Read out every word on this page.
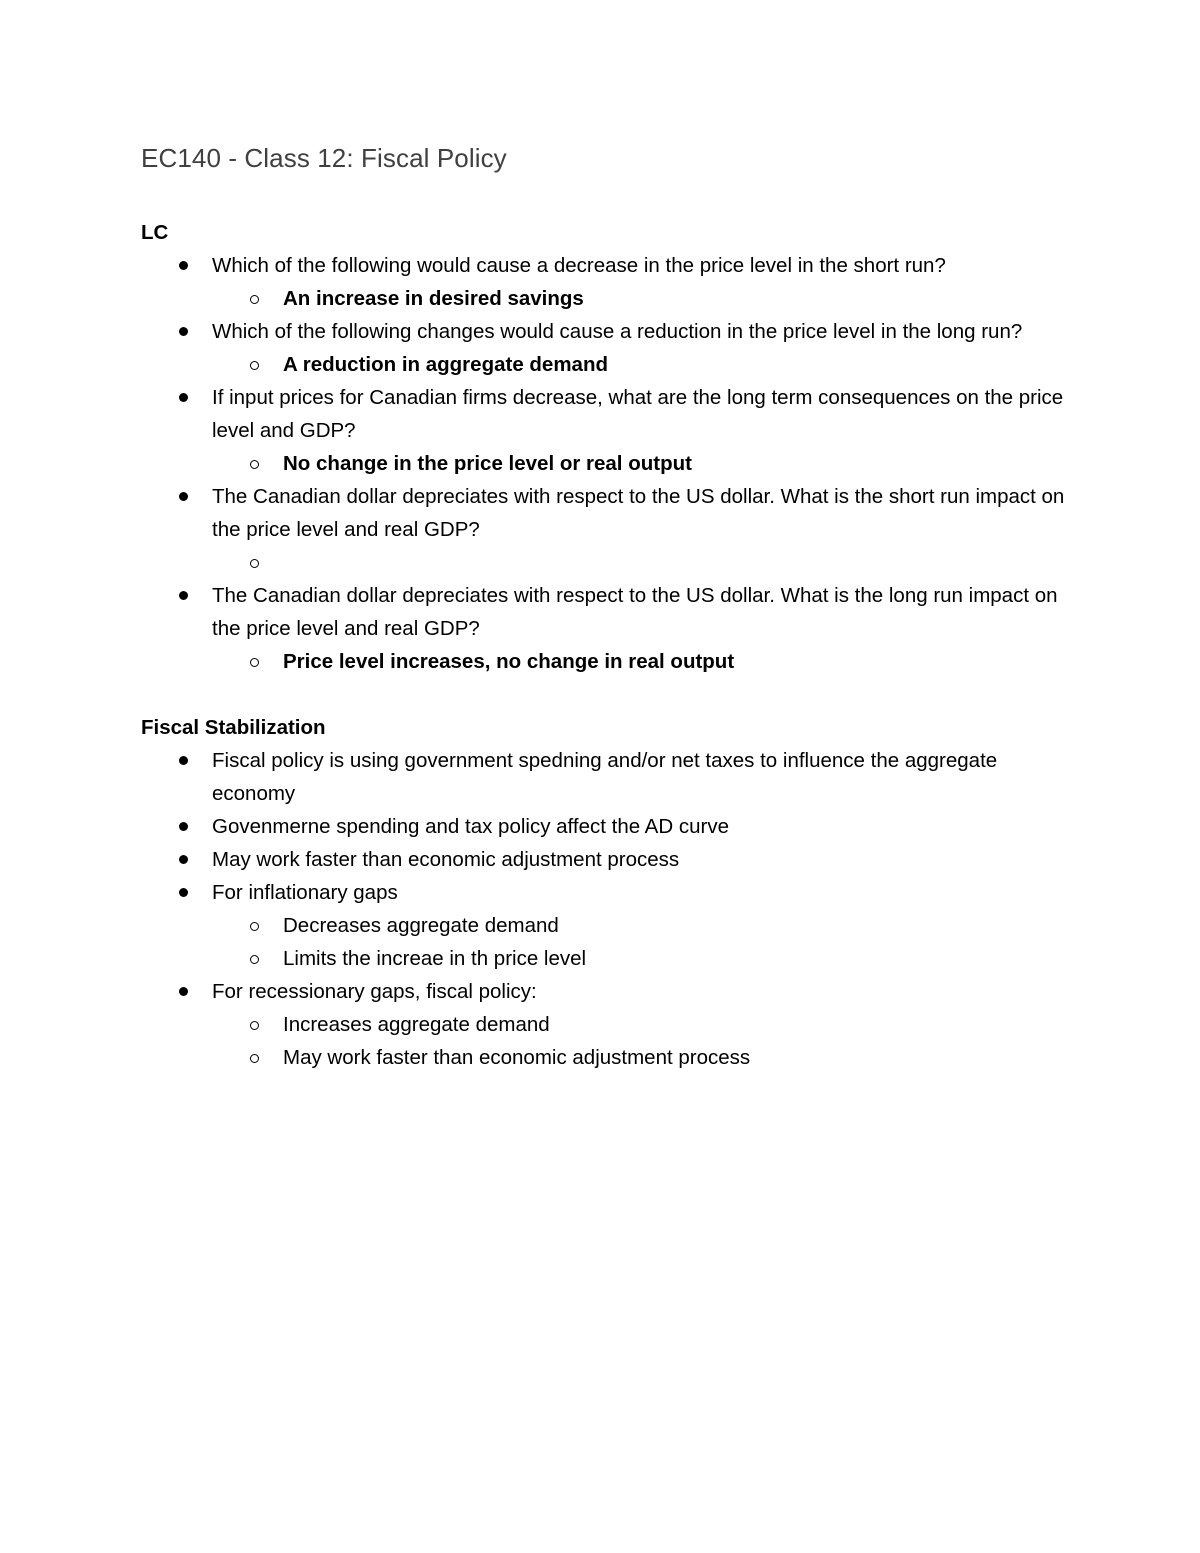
EC140 - Class 12: Fiscal Policy
LC
Which of the following would cause a decrease in the price level in the short run?
An increase in desired savings
Which of the following changes would cause a reduction in the price level in the long run?
A reduction in aggregate demand
If input prices for Canadian firms decrease, what are the long term consequences on the price level and GDP?
No change in the price level or real output
The Canadian dollar depreciates with respect to the US dollar. What is the short run impact on the price level and real GDP?
The Canadian dollar depreciates with respect to the US dollar. What is the long run impact on the price level and real GDP?
Price level increases, no change in real output
Fiscal Stabilization
Fiscal policy is using government spedning and/or net taxes to influence the aggregate economy
Govenmerne spending and tax policy affect the AD curve
May work faster than economic adjustment process
For inflationary gaps
Decreases aggregate demand
Limits the increae in th price level
For recessionary gaps, fiscal policy:
Increases aggregate demand
May work faster than economic adjustment process
